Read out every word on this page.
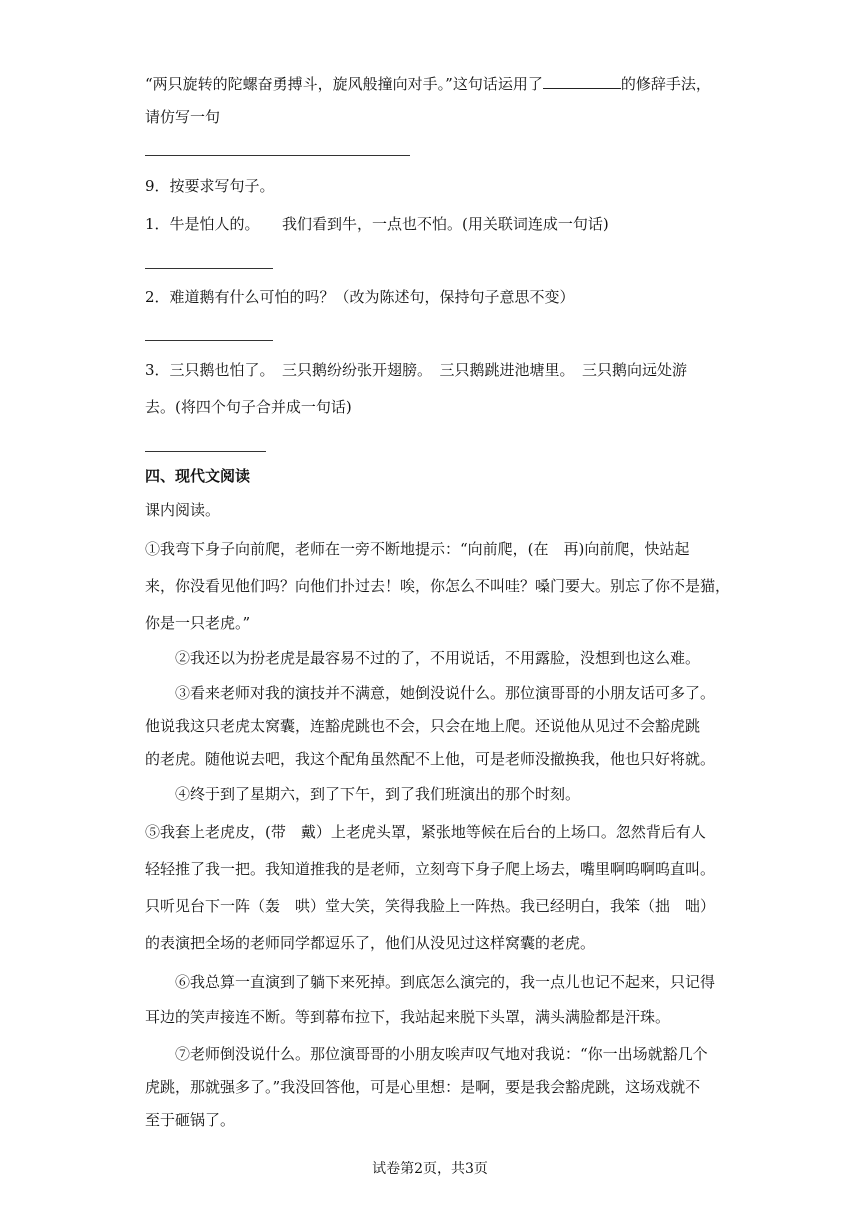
“两只旋转的陀螺奋勇搏斗，旋风般撞向对手。”这句话运用了	的修辞手法，
请仿写一句
9．按要求写句子。
1．牛是怕人的。　　我们看到牛，一点也不怕。(用关联词连成一句话)
2．难道鹅有什么可怕的吗？（改为陈述句，保持句子意思不变）
3．三只鹅也怕了。　三只鹅纷纷张开翅膀。　三只鹅跳进池塘里。　三只鹅向远处游
去。(将四个句子合并成一句话)
四、现代文阅读
课内阅读。
①我弯下身子向前爬，老师在一旁不断地提示：“向前爬，(在　再)向前爬，快站起
来，你没看见他们吗？向他们扑过去！唉，你怎么不叫哇？嗓门要大。别忘了你不是猫，
你是一只老虎。”
②我还以为扮老虎是最容易不过的了，不用说话，不用露脸，没想到也这么难。
③看来老师对我的演技并不满意，她倒没说什么。那位演哥哥的小朋友话可多了。
他说我这只老虎太窝囊，连豁虎跳也不会，只会在地上爬。还说他从见过不会豁虎跳
的老虎。随他说去吧，我这个配角虽然配不上他，可是老师没撤换我，他也只好将就。
④终于到了星期六，到了下午，到了我们班演出的那个时刻。
⑤我套上老虎皮，(带　戴）上老虎头罩，紧张地等候在后台的上场口。忽然背后有人
轻轻推了我一把。我知道推我的是老师，立刻弯下身子爬上场去，嘴里啊呜啊呜直叫。
只听见台下一阵（轰　哄）堂大笑，笑得我脸上一阵热。我已经明白，我笨（拙　咄）
的表演把全场的老师同学都逗乐了，他们从没见过这样窝囊的老虎。
⑥我总算一直演到了躺下来死掉。到底怎么演完的，我一点儿也记不起来，只记得
耳边的笑声接连不断。等到幕布拉下，我站起来脱下头罩，满头满脸都是汗珠。
⑦老师倒没说什么。那位演哥哥的小朋友唉声叹气地对我说：“你一出场就豁几个
虎跳，那就强多了。”我没回答他，可是心里想：是啊，要是我会豁虎跳，这场戏就不
至于砸锅了。
试卷第2页，共3页
